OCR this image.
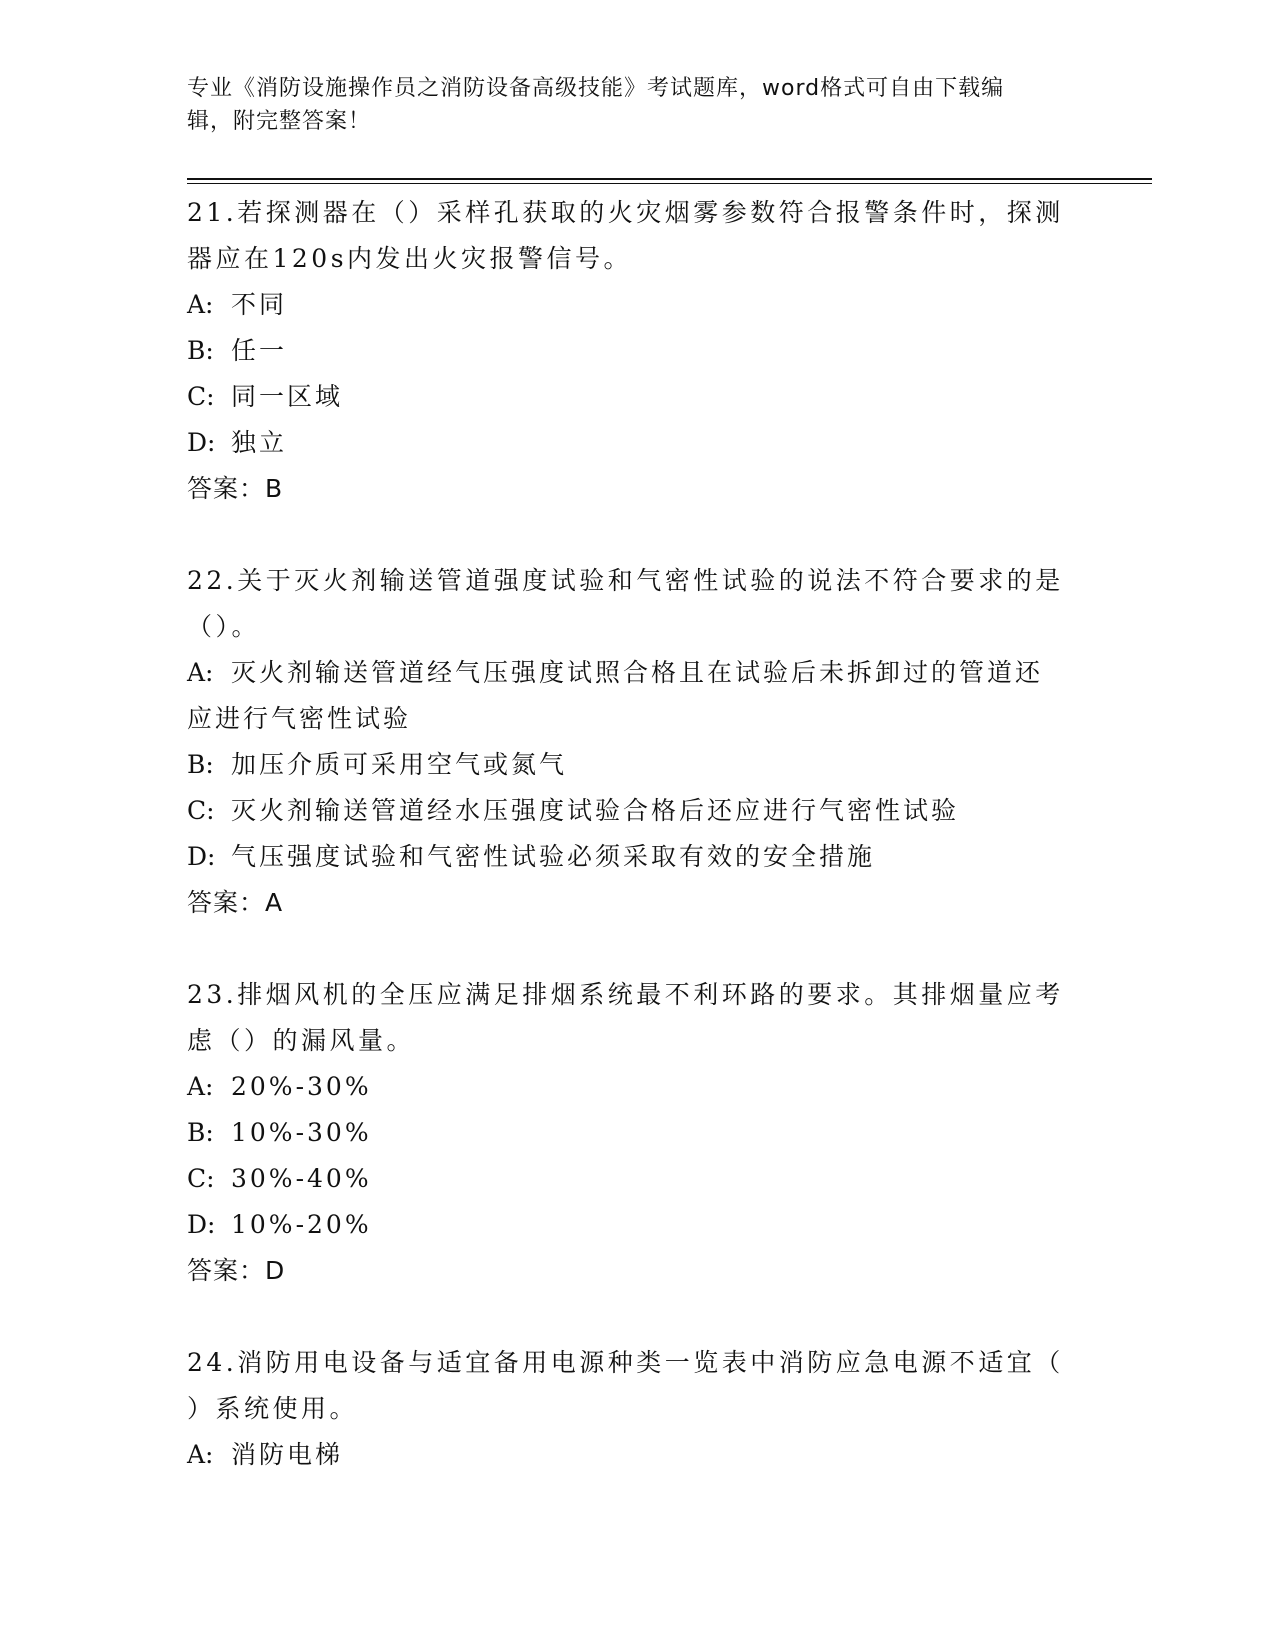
专业《消防设施操作员之消防设备高级技能》考试题库，word格式可自由下载编
辑，附完整答案！

21.若探测器在（）采样孔获取的火灾烟雾参数符合报警条件时，探测
器应在120s内发出火灾报警信号。

A: 不同

B: 任一

C: 同一区域

D: 独立

答案：B

22.关于灭火剂输送管道强度试验和气密性试验的说法不符合要求的是
（）。

A: 灭火剂输送管道经气压强度试照合格且在试验后未拆卸过的管道还
应进行气密性试验

B: 加压介质可采用空气或氮气

C: 灭火剂输送管道经水压强度试验合格后还应进行气密性试验

D: 气压强度试验和气密性试验必须采取有效的安全措施

答案：A

23.排烟风机的全压应满足排烟系统最不利环路的要求。其排烟量应考
虑（）的漏风量。

A: 20%-30%

B: 10%-30%

C: 30%-40%

D: 10%-20%

答案：D

24.消防用电设备与适宜备用电源种类一览表中消防应急电源不适宜（
）系统使用。

A: 消防电梯
